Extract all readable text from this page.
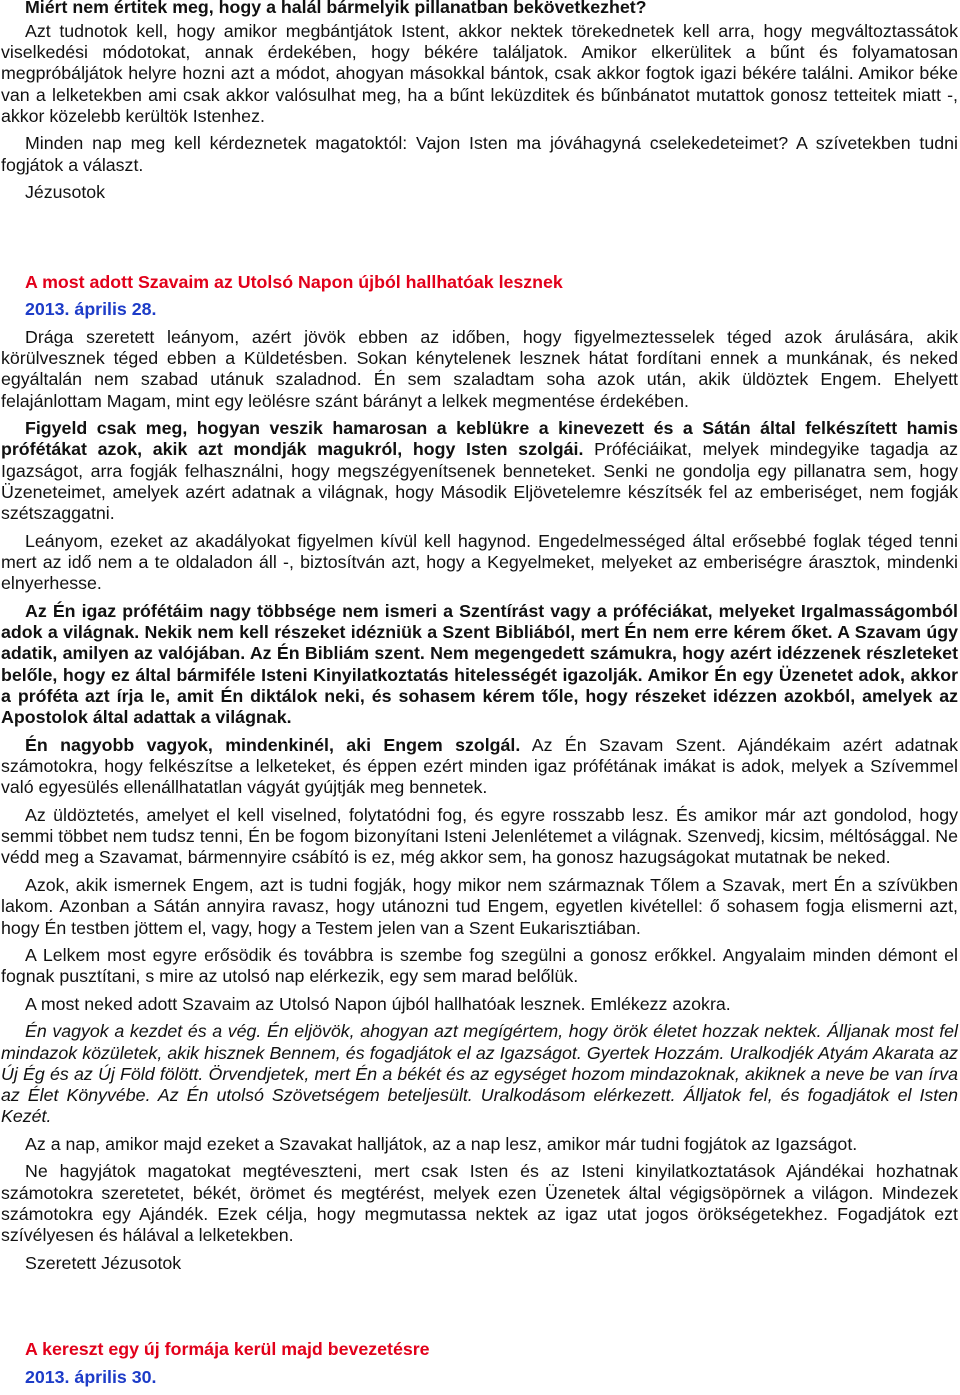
Miért nem értitek meg, hogy a halál bármelyik pillanatban bekövetkezhet?

Azt tudnotok kell, hogy amikor megbántjátok Istent, akkor nektek törekednetek kell arra, hogy megváltoztassátok viselkedési módotokat, annak érdekében, hogy békére találjatok. Amikor elkerülitek a bűnt és folyamatosan megpróbáljátok helyre hozni azt a módot, ahogyan másokkal bántok, csak akkor fogtok igazi békére találni. Amikor béke van a lelketekben ami csak akkor valósulhat meg, ha a bűnt leküzditek és bűnbánatot mutattok gonosz tetteitek miatt -, akkor közelebb kerültök Istenhez.

Minden nap meg kell kérdeznetek magatoktól: Vajon Isten ma jóváhagyná cselekedeteimet? A szívetekben tudni fogjátok a választ.

Jézusotok

A most adott Szavaim az Utolsó Napon újból hallhatóak lesznek

2013. április 28.

Drága szeretett leányom, azért jövök ebben az időben, hogy figyelmeztesselek téged azok árulására, akik körülvesznek téged ebben a Küldetésben. Sokan kénytelenek lesznek hátat fordítani ennek a munkának, és neked egyáltalán nem szabad utánuk szaladnod. Én sem szaladtam soha azok után, akik üldöztek Engem. Ehelyett felajánlottam Magam, mint egy leölésre szánt bárányt a lelkek megmentése érdekében.

Figyeld csak meg, hogyan veszik hamarosan a keblükre a kinevezett és a Sátán által felkészített hamis prófétákat azok, akik azt mondják magukról, hogy Isten szolgái. Próféciáikat, melyek mindegyike tagadja az Igazságot, arra fogják felhasználni, hogy megszégyenítsenek benneteket. Senki ne gondolja egy pillanatra sem, hogy Üzeneteimet, amelyek azért adatnak a világnak, hogy Második Eljövetelemre készítsék fel az emberiséget, nem fogják szétszaggatni.

Leányom, ezeket az akadályokat figyelmen kívül kell hagynod. Engedelmességed által erősebbé foglak téged tenni mert az idő nem a te oldaladon áll -, biztosítván azt, hogy a Kegyelmeket, melyeket az emberiségre árasztok, mindenki elnyerhesse.

Az Én igaz prófétáim nagy többsége nem ismeri a Szentírást vagy a próféciákat, melyeket Irgalmasságomból adok a világnak. Nekik nem kell részeket idézniük a Szent Bibliából, mert Én nem erre kérem őket. A Szavam úgy adatik, amilyen az valójában. Az Én Bibliám szent. Nem megengedett számukra, hogy azért idézzenek részleteket belőle, hogy ez által bármiféle Isteni Kinyilatkoztatás hitelességét igazolják. Amikor Én egy Üzenetet adok, akkor a próféta azt írja le, amit Én diktálok neki, és sohasem kérem tőle, hogy részeket idézzen azokból, amelyek az Apostolok által adattak a világnak.

Én nagyobb vagyok, mindenkinél, aki Engem szolgál. Az Én Szavam Szent. Ajándékaim azért adatnak számotokra, hogy felkészítse a lelketeket, és éppen ezért minden igaz prófétának imákat is adok, melyek a Szívemmel való egyesülés ellenállhatatlan vágyát gyújtják meg bennetek.

Az üldöztetés, amelyet el kell viselned, folytatódni fog, és egyre rosszabb lesz. És amikor már azt gondolod, hogy semmi többet nem tudsz tenni, Én be fogom bizonyítani Isteni Jelenlétemet a világnak. Szenvedj, kicsim, méltósággal. Ne védd meg a Szavamat, bármennyire csábító is ez, még akkor sem, ha gonosz hazugságokat mutatnak be neked.

Azok, akik ismernek Engem, azt is tudni fogják, hogy mikor nem származnak Tőlem a Szavak, mert Én a szívükben lakom. Azonban a Sátán annyira ravasz, hogy utánozni tud Engem, egyetlen kivétellel: ő sohasem fogja elismerni azt, hogy Én testben jöttem el, vagy, hogy a Testem jelen van a Szent Eukarisztiában.

A Lelkem most egyre erősödik és továbbra is szembe fog szegülni a gonosz erőkkel. Angyalaim minden démont el fognak pusztítani, s mire az utolsó nap elérkezik, egy sem marad belőlük.

A most neked adott Szavaim az Utolsó Napon újból hallhatóak lesznek. Emlékezz azokra.

Én vagyok a kezdet és a vég. Én eljövök, ahogyan azt megígértem, hogy örök életet hozzak nektek. Álljanak most fel mindazok közületek, akik hisznek Bennem, és fogadjátok el az Igazságot. Gyertek Hozzám. Uralkodjék Atyám Akarata az Új Ég és az Új Föld fölött. Örvendjetek, mert Én a békét és az egységet hozom mindazoknak, akiknek a neve be van írva az Élet Könyvébe. Az Én utolsó Szövetségem beteljesült. Uralkodásom elérkezett. Álljatok fel, és fogadjátok el Isten Kezét.

Az a nap, amikor majd ezeket a Szavakat halljátok, az a nap lesz, amikor már tudni fogjátok az Igazságot.

Ne hagyjátok magatokat megtéveszteni, mert csak Isten és az Isteni kinyilatkoztatások Ajándékai hozhatnak számotokra szeretetet, békét, örömet és megtérést, melyek ezen Üzenetek által végigsöpörnek a világon. Mindezek számotokra egy Ajándék. Ezek célja, hogy megmutassa nektek az igaz utat jogos örökségetekhez. Fogadjátok ezt szívélyesen és hálával a lelketekben.

Szeretett Jézusotok

A kereszt egy új formája kerül majd bevezetésre

2013. április 30.
